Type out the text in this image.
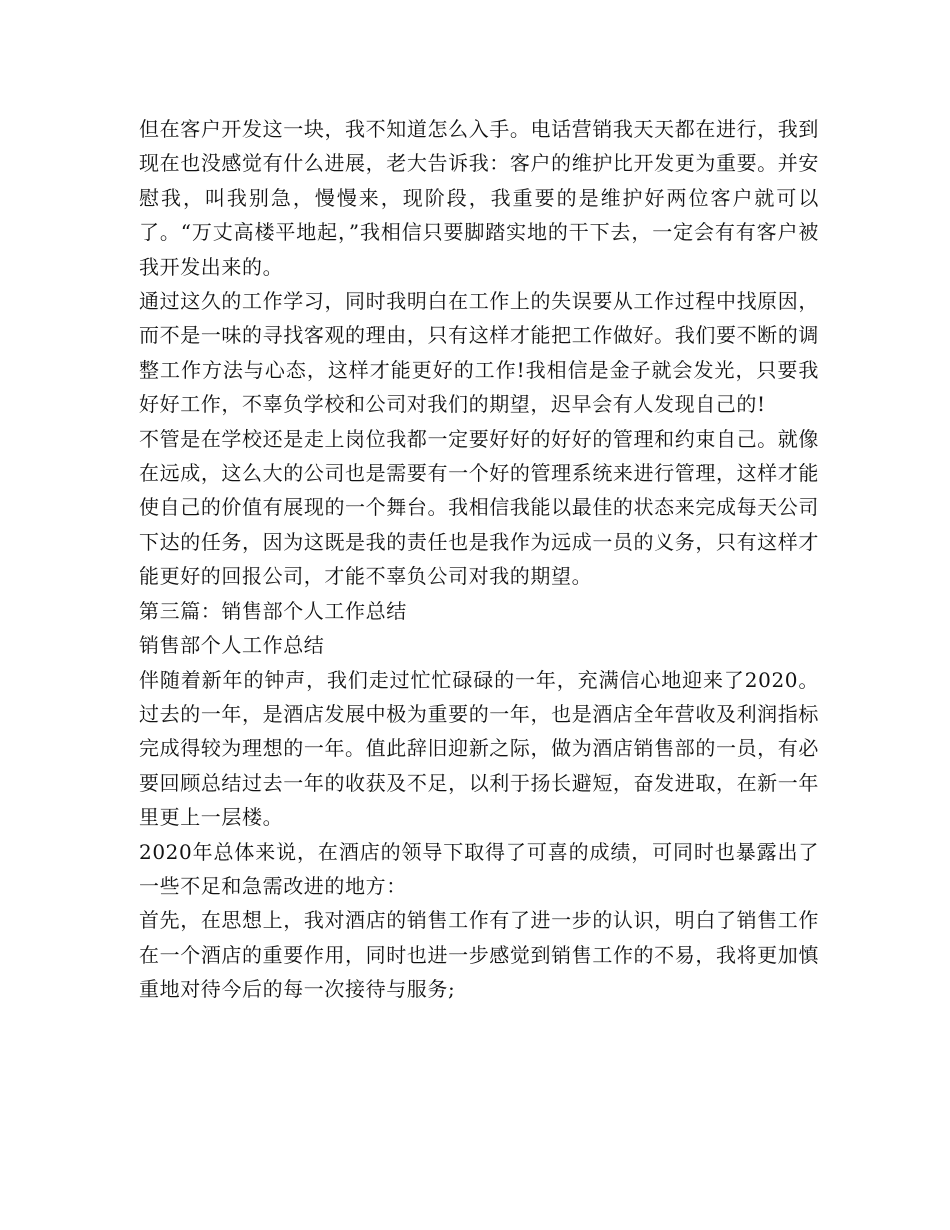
但在客户开发这一块，我不知道怎么入手。电话营销我天天都在进行，我到现在也没感觉有什么进展，老大告诉我：客户的维护比开发更为重要。并安慰我，叫我别急，慢慢来，现阶段，我重要的是维护好两位客户就可以了。“万丈高楼平地起，”我相信只要脚踏实地的干下去，一定会有有客户被我开发出来的。

通过这久的工作学习，同时我明白在工作上的失误要从工作过程中找原因，而不是一味的寻找客观的理由，只有这样才能把工作做好。我们要不断的调整工作方法与心态，这样才能更好的工作!我相信是金子就会发光，只要我好好工作，不辜负学校和公司对我们的期望，迟早会有人发现自己的!

不管是在学校还是走上岗位我都一定要好好的好好的管理和约束自己。就像在远成，这么大的公司也是需要有一个好的管理系统来进行管理，这样才能使自己的价值有展现的一个舞台。我相信我能以最佳的状态来完成每天公司下达的任务，因为这既是我的责任也是我作为远成一员的义务，只有这样才能更好的回报公司，才能不辜负公司对我的期望。

第三篇：销售部个人工作总结

销售部个人工作总结

伴随着新年的钟声，我们走过忙忙碌碌的一年，充满信心地迎来了2020。过去的一年，是酒店发展中极为重要的一年，也是酒店全年营收及利润指标完成得较为理想的一年。值此辞旧迎新之际，做为酒店销售部的一员，有必要回顾总结过去一年的收获及不足，以利于扬长避短，奋发进取，在新一年里更上一层楼。

2020年总体来说，在酒店的领导下取得了可喜的成绩，可同时也暴露出了一些不足和急需改进的地方：

首先，在思想上，我对酒店的销售工作有了进一步的认识，明白了销售工作在一个酒店的重要作用，同时也进一步感觉到销售工作的不易，我将更加慎重地对待今后的每一次接待与服务;
